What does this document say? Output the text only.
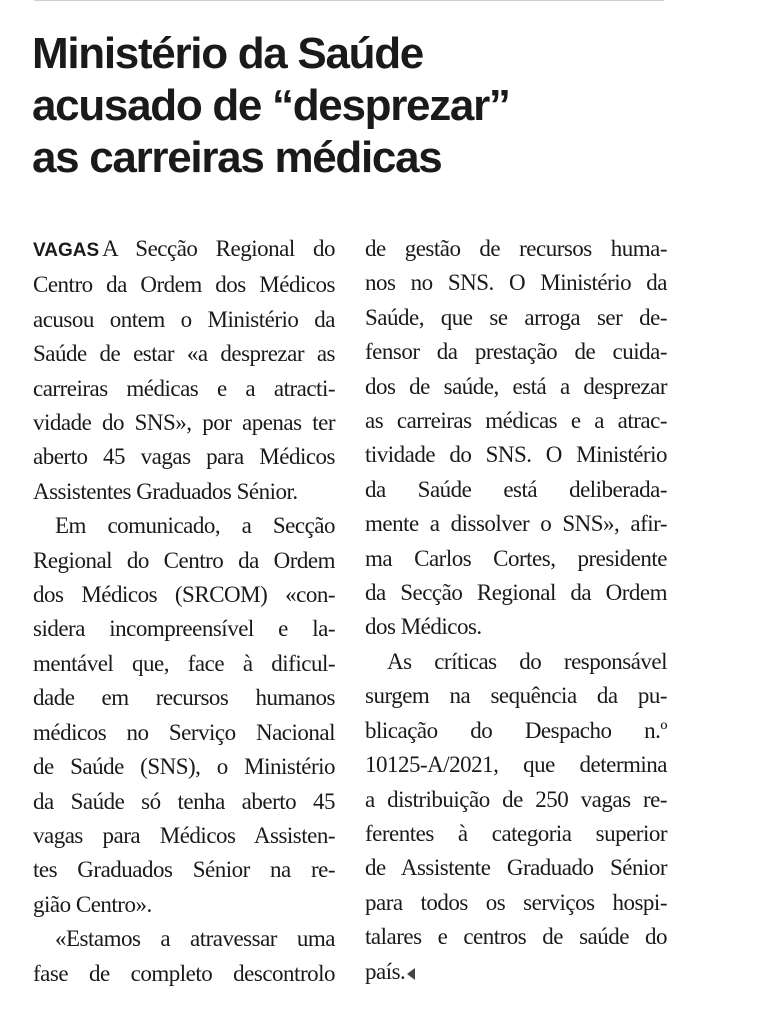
Ministério da Saúde
acusado de “desprezar”
as carreiras médicas

VAGAS A Secção Regional do
Centro da Ordem dos Médicos
acusou ontem o Ministério da
Saúde de estar «a desprezar as
carreiras médicas e a atracti-
vidade do SNS», por apenas ter
aberto 45 vagas para Médicos
Assistentes Graduados Sénior.

Em comunicado, a Secção
Regional do Centro da Ordem
dos Médicos (SRCOM) «con-
sidera incompreensível e la-
mentável que, face à dificul-
dade em recursos humanos
médicos no Serviço Nacional
de Saúde (SNS), o Ministério
da Saúde só tenha aberto 45
vagas para Médicos Assisten-
tes Graduados Sénior na re-
gião Centro».

«Estamos a atravessar uma
fase de completo descontrolo

de gestão de recursos huma-
nos no SNS. O Ministério da
Saúde, que se arroga ser de-
fensor da prestação de cuida-
dos de saúde, está a desprezar
as carreiras médicas e a atrac-
tividade do SNS. O Ministério
da Saúde está deliberada-
mente a dissolver o SNS», afir-
ma Carlos Cortes, presidente
da Secção Regional da Ordem
dos Médicos.

As críticas do responsável
surgem na sequência da pu-
blicação do Despacho n.º
10125-A/2021, que determina
a distribuição de 250 vagas re-
ferentes à categoria superior
de Assistente Graduado Sénior
para todos os serviços hospi-
talares e centros de saúde do
país.
